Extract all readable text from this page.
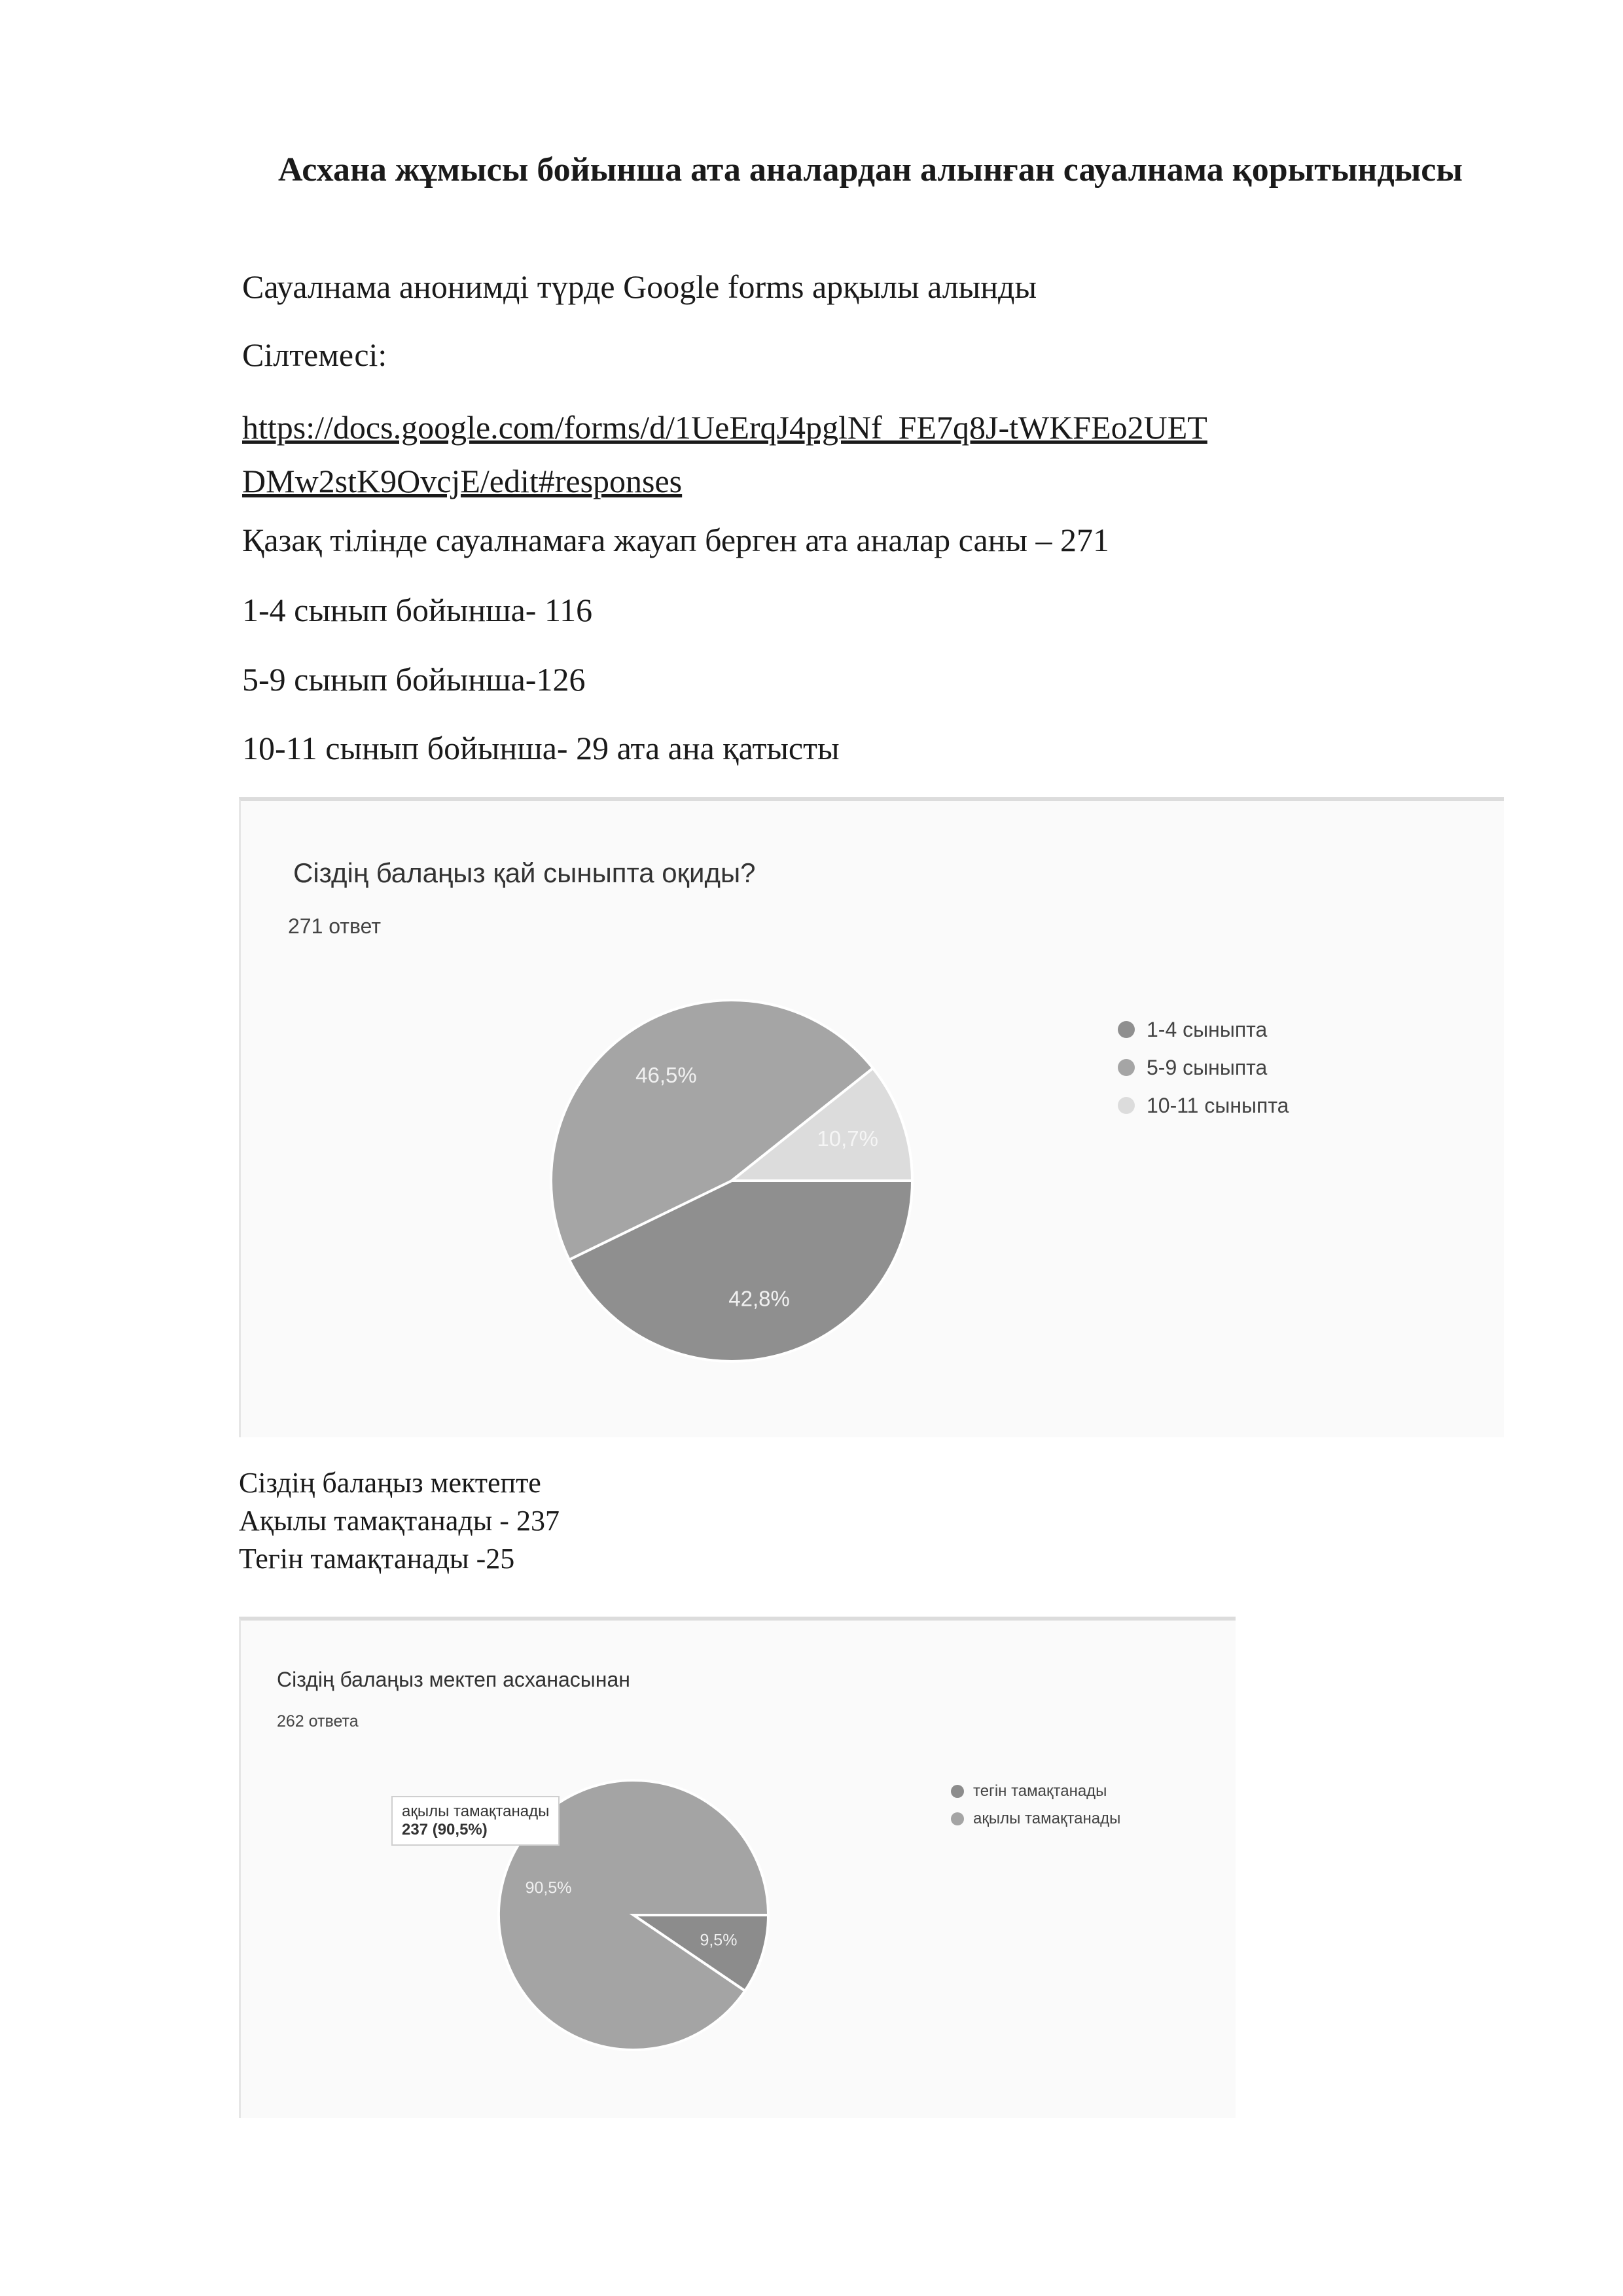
Асхана жұмысы бойынша ата аналардан алынған сауалнама қорытындысы
Сауалнама анонимді түрде Google forms арқылы алынды
Сілтемесі:
https://docs.google.com/forms/d/1UeErqJ4pglNf_FE7q8J-tWKFEo2UETDMw2stK9OvcjE/edit#responses
Қазақ тілінде сауалнамаға жауап берген ата аналар саны – 271
1-4 сынып бойынша- 116
5-9 сынып бойынша-126
10-11 сынып бойынша- 29 ата ана қатысты
Сіздің балаңыз қай сыныпта оқиды?
271 ответ
42,8%
46,5%
10,7%
1-4 сыныпта
5-9 сыныпта
10-11 сыныпта
Сіздің балаңыз мектепте
Ақылы тамақтанады - 237
Тегін тамақтанады -25
Сіздің балаңыз мектеп асханасынан
262 ответа
9,5%
90,5%
ақылы тамақтанады
237 (90,5%)
тегін тамақтанады
ақылы тамақтанады
